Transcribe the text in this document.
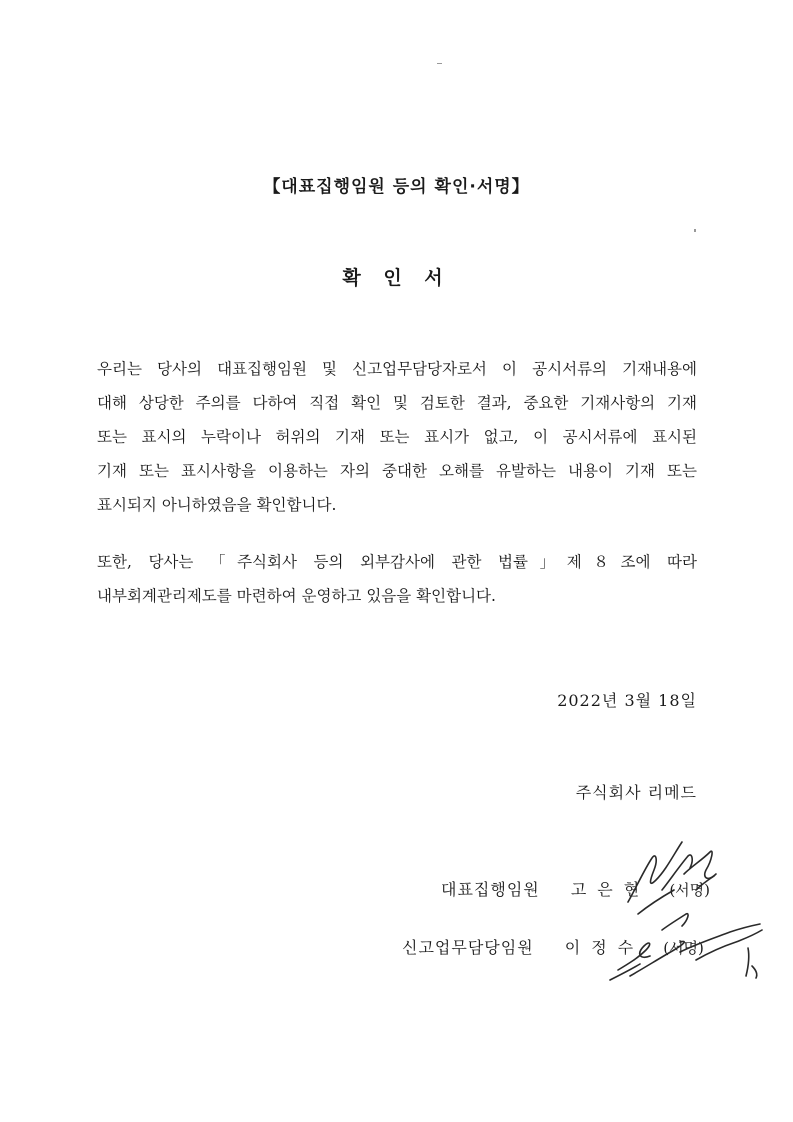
【대표집행임원 등의 확인·서명】
확 인 서
우리는 당사의 대표집행임원 및 신고업무담당자로서 이 공시서류의 기재내용에
대해 상당한 주의를 다하여 직접 확인 및 검토한 결과, 중요한 기재사항의 기재
또는 표시의 누락이나 허위의 기재 또는 표시가 없고, 이 공시서류에 표시된
기재 또는 표시사항을 이용하는 자의 중대한 오해를 유발하는 내용이 기재 또는
표시되지 아니하였음을 확인합니다.
또한, 당사는 「주식회사 등의 외부감사에 관한 법률」제８조에 따라
내부회계관리제도를 마련하여 운영하고 있음을 확인합니다.
2022년 3월 18일
주식회사 리메드
대표집행임원 고은현 (서명)
신고업무담당임원 이정수 (서명)
